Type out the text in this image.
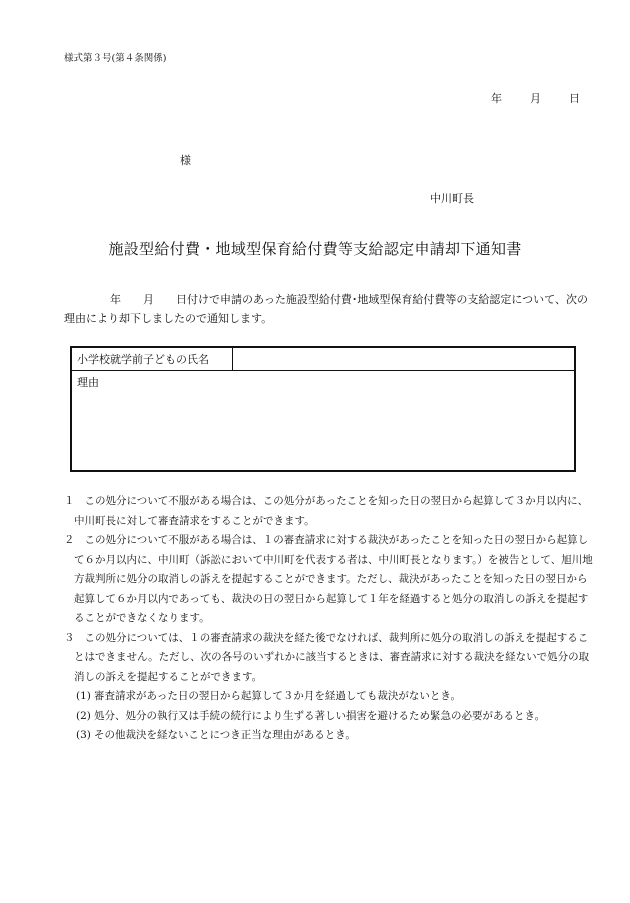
様式第３号(第４条関係)
年	月	日
様
中川町長
施設型給付費・地域型保育給付費等支給認定申請却下通知書
年 月 日付けで申請のあった施設型給付費･地域型保育給付費等の支給認定について、次の理由により却下しましたので通知します。
小学校就学前子どもの氏名	
理由

１　 この処分について不服がある場合は、この処分があったことを知った日の翌日から起算して３か月以内に、中川町長に対して審査請求をすることができます。

２　 この処分について不服がある場合は、１の審査請求に対する裁決があったことを知った日の翌日から起算して６か月以内に、中川町（訴訟において中川町を代表する者は、中川町長となります。）を被告として、旭川地方裁判所に処分の取消しの訴えを提起することができます。ただし、裁決があったことを知った日の翌日から起算して６か月以内であっても、裁決の日の翌日から起算して１年を経過すると処分の取消しの訴えを提起することができなくなります。

３　 この処分については、１の審査請求の裁決を経た後でなければ、裁判所に処分の取消しの訴えを提起することはできません。ただし、次の各号のいずれかに該当するときは、審査請求に対する裁決を経ないで処分の取消しの訴えを提起することができます。

(1) 審査請求があった日の翌日から起算して３か月を経過しても裁決がないとき。

(2) 処分、処分の執行又は手続の続行により生ずる著しい損害を避けるため緊急の必要があるとき。

(3) その他裁決を経ないことにつき正当な理由があるとき。
